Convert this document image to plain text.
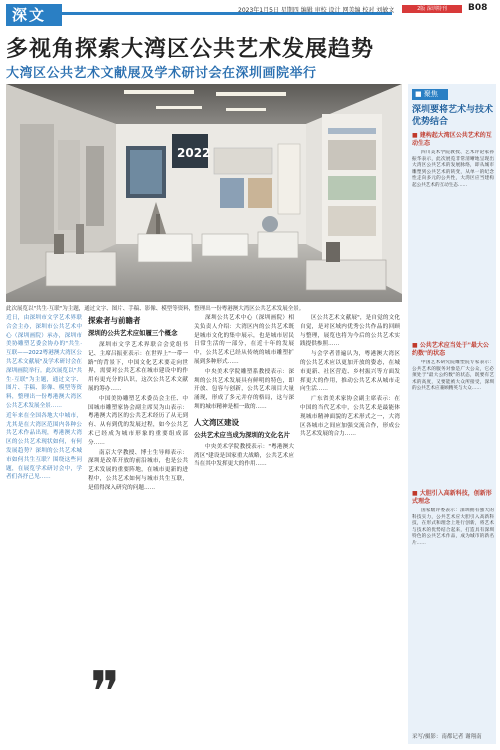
深文	2023年1月5日 星期四 编辑 审校 设计 网美编 校对 刘敏文	2版 深圳特刊	B08
多视角探索大湾区公共艺术发展趋势
大湾区公共艺术文献展及学术研讨会在深圳画院举行
2022
此次展览以"共生·互联"为主题，通过文字、图片、手稿、影像、模型等资料，整理出一份粤港澳大湾区公共艺术发展全景。

近日，由深圳市文学艺术界联合会主办，深圳市公共艺术中心（深圳画院）承办，深圳市美协雕塑艺委会协办的"共生·互联——2022粤港澳大湾区公共艺术文献展"及学术研讨会在深圳画院举行。此次展览以"共生·互联"为主题，通过文字、图片、手稿、影像、模型等资料，整理出一份粤港澳大湾区公共艺术发展全景……

近年来在全国各地大中城市，尤其是在大湾区范围内各种公共艺术作品出现，粤港澳大湾区的公共艺术现状如何，有何发展趋势？深圳的公共艺术城市如何共生互联？围绕这些问题，在展览学术研讨会中，学者们各抒己见……

探索者与前瞻者
深圳的公共艺术应如履三个概念

深圳市文学艺术界联合会党组书记、主席吕振亚表示：在世界上"一带一路"的背景下，中国文化艺术要走向世界，需要对公共艺术在城市建设中的作用有更充分的认识，这次公共艺术文献展的筹办……

中国美协雕塑艺术委员会主任、中国城市雕塑家协会副主席吴为山表示：粤港澳大湾区的公共艺术经历了从无到有、从有到优的发展过程，如今公共艺术已经成为城市形象的重要组成部分……

南京大学教授、博士生导师表示：深圳是改革开放的前沿城市，也是公共艺术发展的重要阵地，在城市更新的进程中，公共艺术如何与城市共生互联，是值得深入研究的问题……

❞

深圳公共艺术中心（深圳画院）相关负责人介绍：大湾区内的公共艺术既是城市文化的集中展示，也是城市居民日常生活的一部分，在近十年的发展中，公共艺术已经从传统的城市雕塑扩展到多种形式……

中央美术学院雕塑系教授表示：深圳的公共艺术发展具有鲜明的特色，即开放、包容与创新，公共艺术项目大量涌现，形成了多元并存的格局，这与深圳的城市精神是相一致的……

人文湾区建设
公共艺术应当成为深圳的文化名片

中央美术学院教授表示："粤港澳大湾区"建设是国家重大战略，公共艺术应当在其中发挥更大的作用……

区公共艺术文献展"，是自觉的文化自觉，是对区域内优秀公共作品的回顾与整理，展览也将为今后的公共艺术实践提供参照……

与会学者普遍认为，粤港澳大湾区的公共艺术应以更加开放的姿态，在城市更新、社区营造、乡村振兴等方面发挥更大的作用，推动公共艺术从城市走向生活……

广东省美术家协会副主席表示：在中国的当代艺术中，公共艺术是最能体现城市精神面貌的艺术形式之一，大湾区各城市之间应加强交流合作，形成公共艺术发展的合力……

■ 聚焦
深圳要将艺术与技术优势结合
■ 建构起大湾区公共艺术的互动生态
四川美术学院教授、艺术评论家孙振华表示，此次展览非常清晰地呈现出大湾区公共艺术的发展脉络，即从城市雕塑到公共艺术的转变，从单一的纪念性走向多元的公共性，大湾区应当建构起公共艺术的互动生态……
■ 公共艺术应当处于"最大公约数"的状态
中国艺术研究院雕塑院专家表示：公共艺术的服务对象是广大公众，它必须处于"最大公约数"的状态，既要有艺术的高度，又要能被大众所接受，深圳的公共艺术应兼顾精英与大众……
■ 大胆引入高新科技，创新形式理念
国家级评委表示：深圳拥有强大的科技实力，公共艺术应大胆引入高新科技，在形式和理念上进行创新，将艺术与技术的优势结合起来，打造具有深圳特色的公共艺术作品，成为城市的新名片……
采写/摄影：南都记者 谢翔南
